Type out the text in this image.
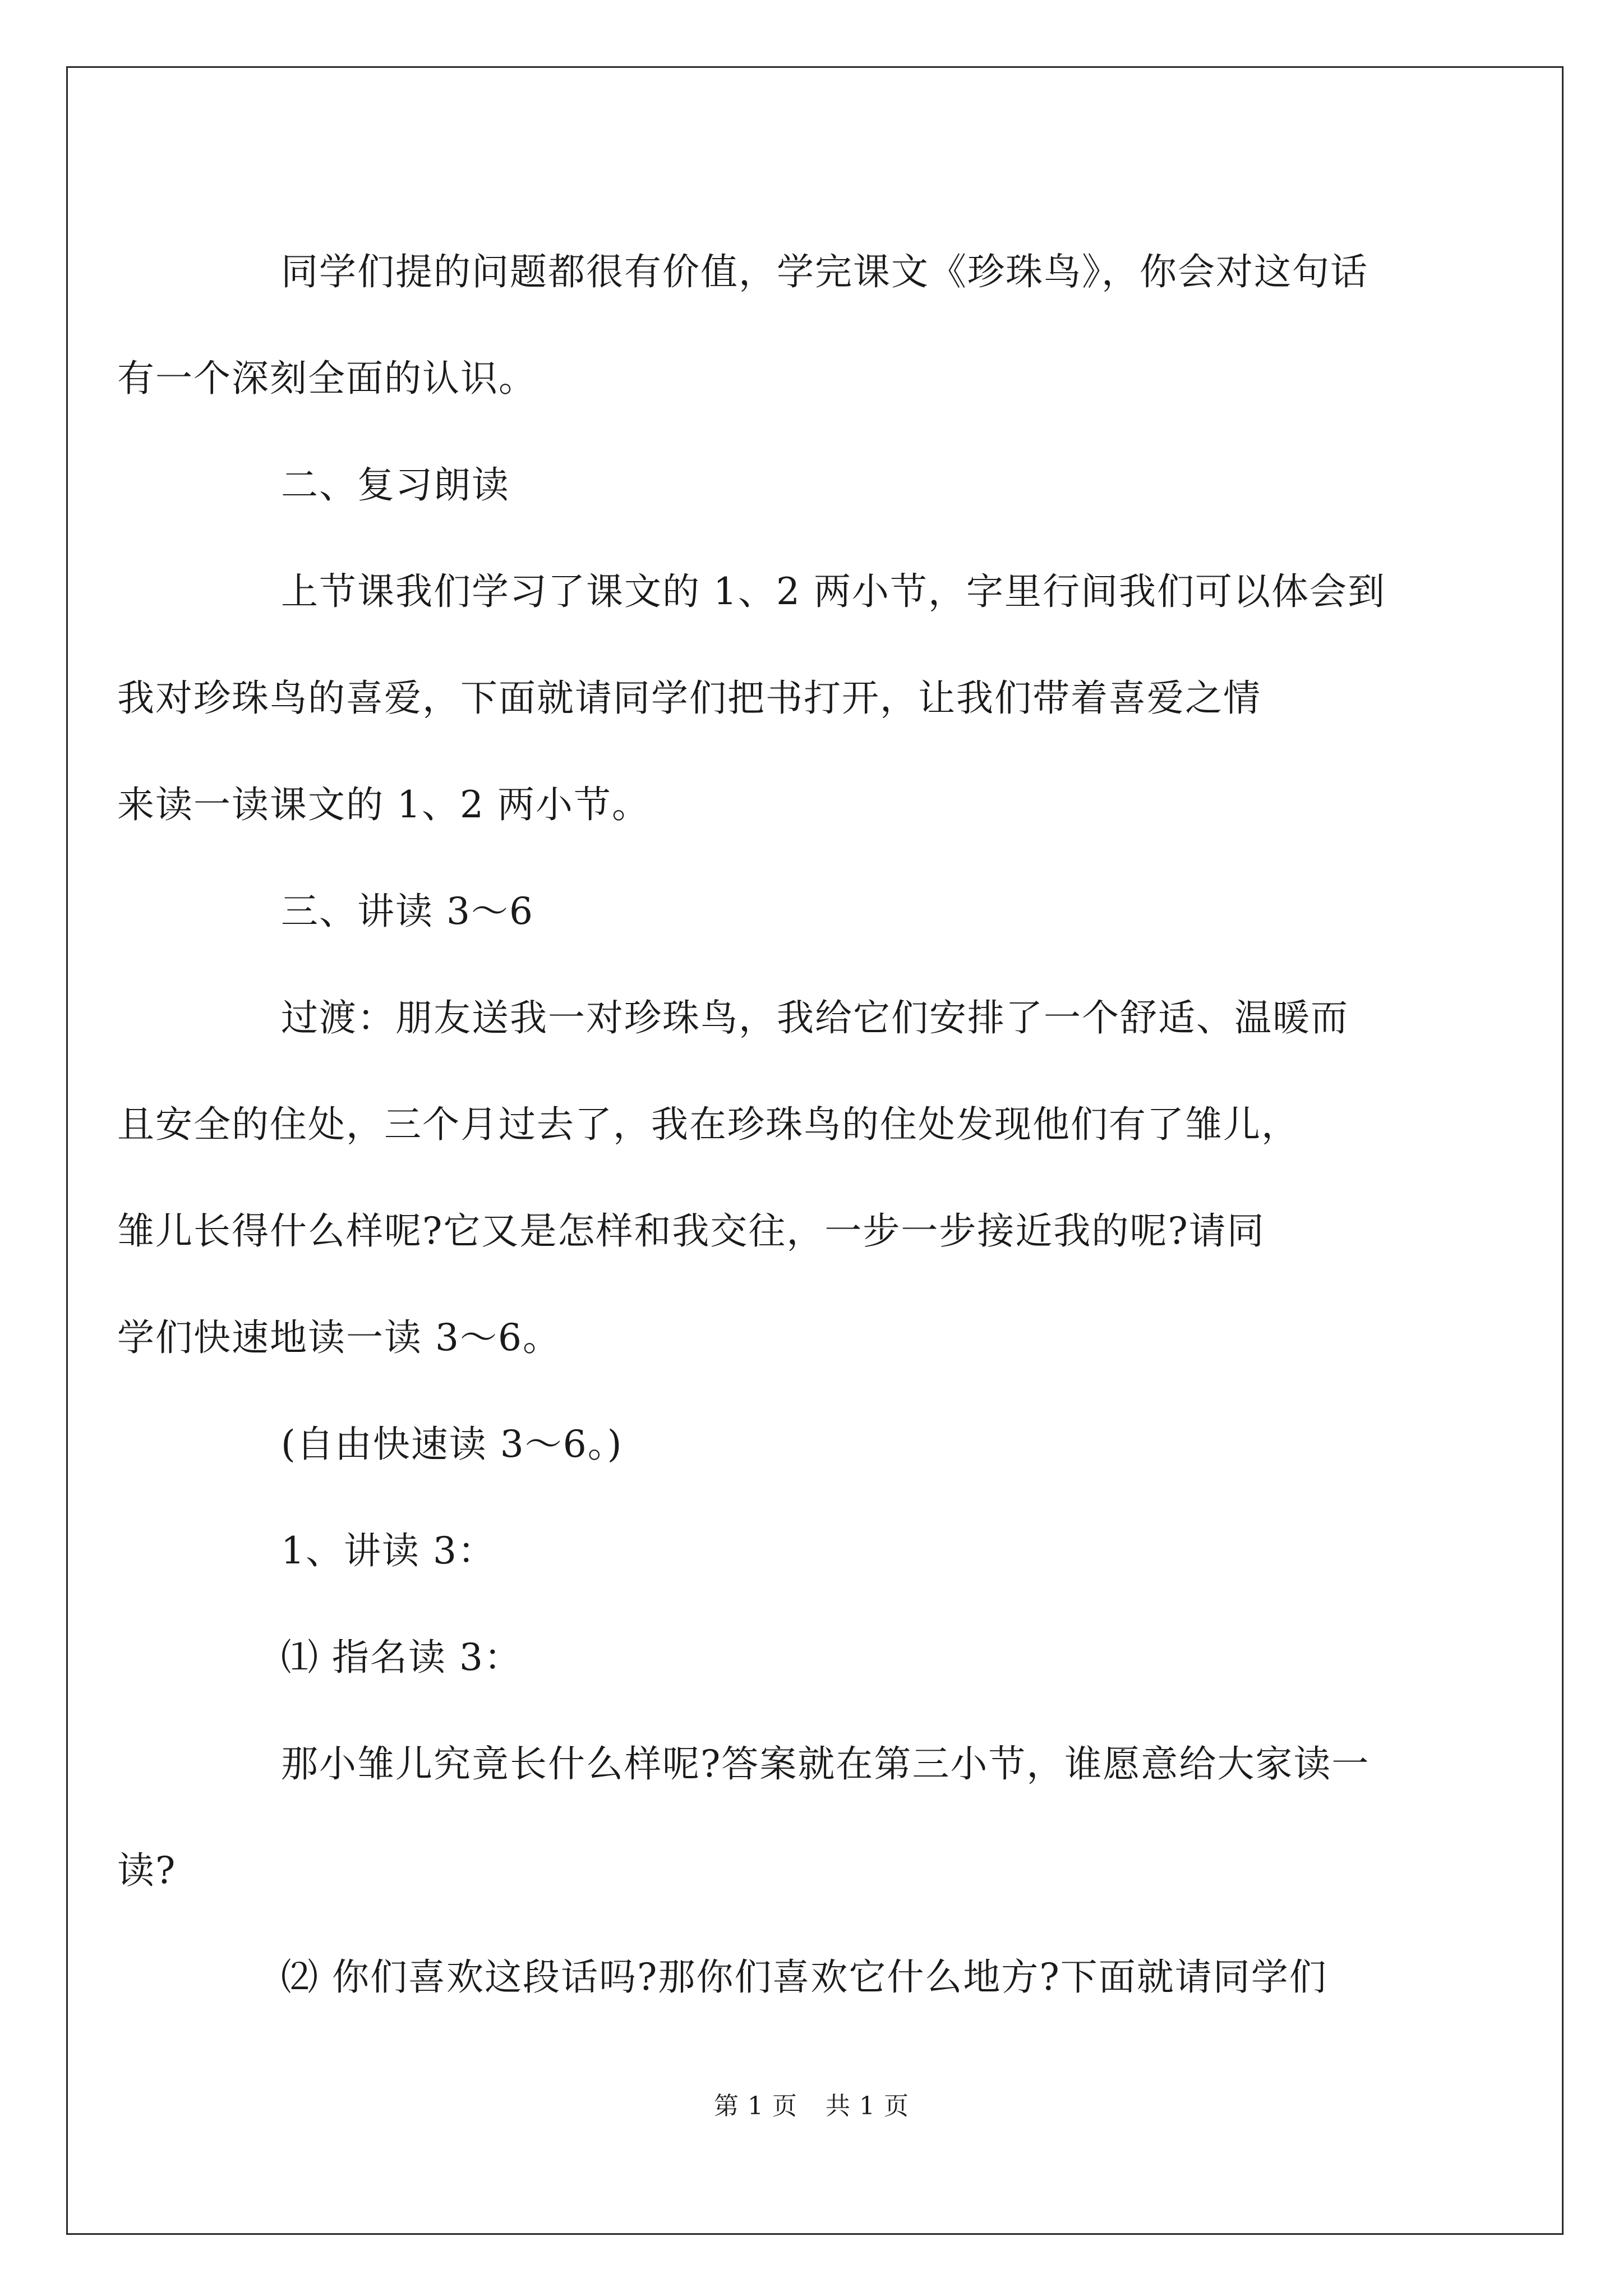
同学们提的问题都很有价值，学完课文《珍珠鸟》，你会对这句话
有一个深刻全面的认识。

二、复习朗读

上节课我们学习了课文的 1、2 两小节，字里行间我们可以体会到
我对珍珠鸟的喜爱，下面就请同学们把书打开，让我们带着喜爱之情
来读一读课文的 1、2 两小节。

三、讲读 3～6

过渡：朋友送我一对珍珠鸟，我给它们安排了一个舒适、温暖而
且安全的住处，三个月过去了，我在珍珠鸟的住处发现他们有了雏儿，
雏儿长得什么样呢?它又是怎样和我交往，一步一步接近我的呢?请同
学们快速地读一读 3～6。

(自由快速读 3～6。)

1、讲读 3：

⑴ 指名读 3：

那小雏儿究竟长什么样呢?答案就在第三小节，谁愿意给大家读一
读?

⑵ 你们喜欢这段话吗?那你们喜欢它什么地方?下面就请同学们

第 1 页 共 1 页
